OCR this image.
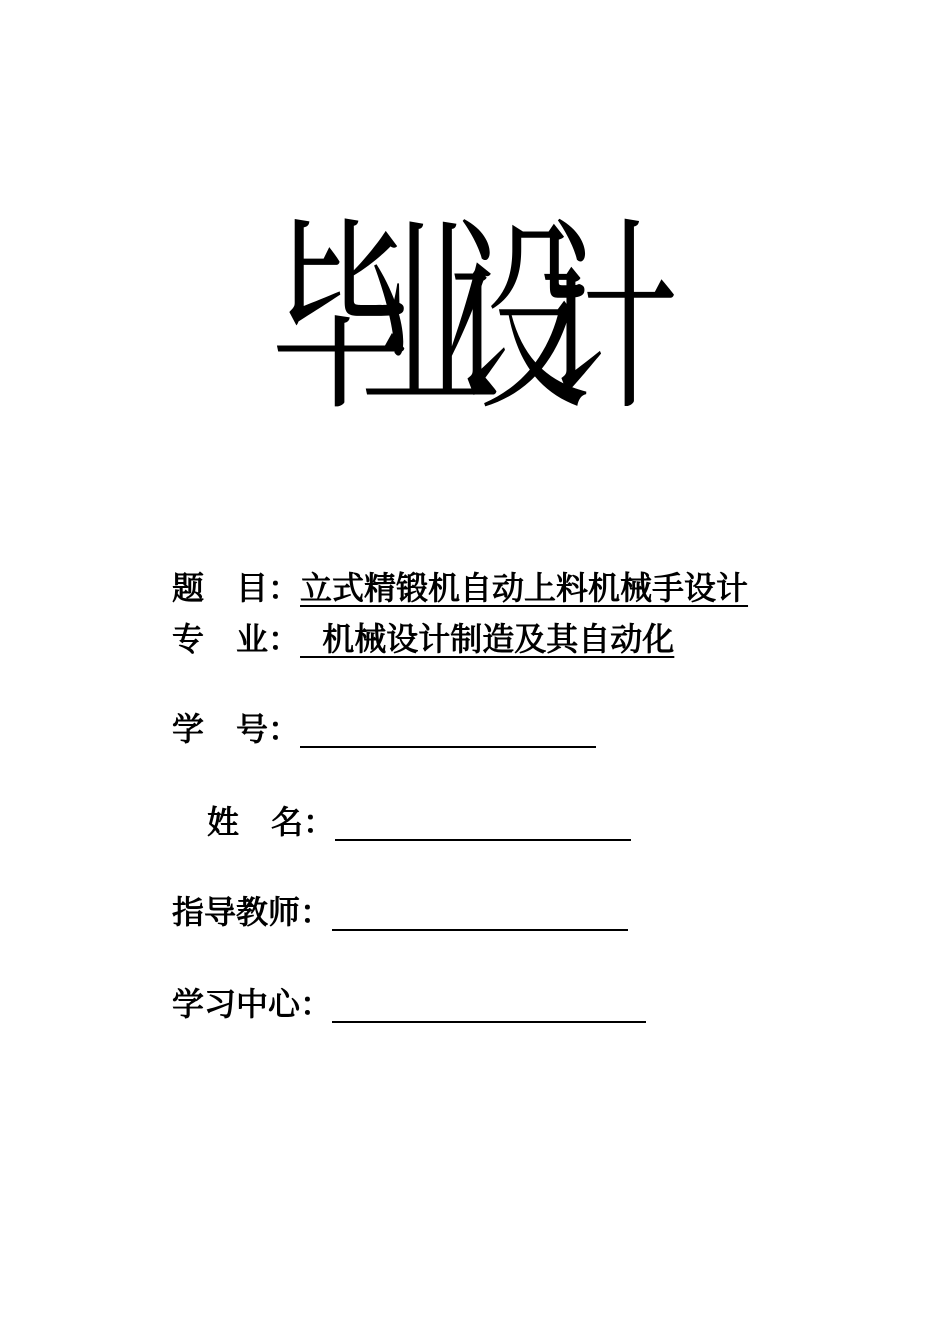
毕业设计
题　目：立式精锻机自动上料机械手设计
专　业：  机械设计制造及其自动化
学　号：
姓　名：
指导教师：
学习中心：
